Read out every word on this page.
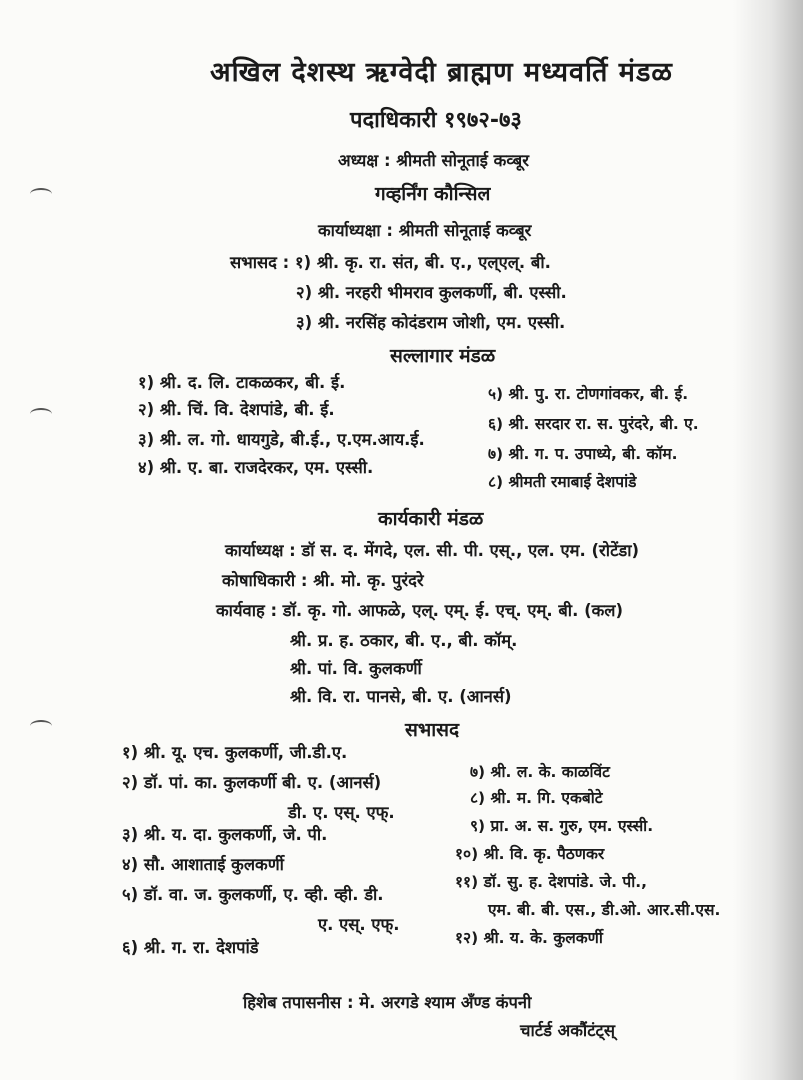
अखिल देशस्थ ऋग्वेदी ब्राह्मण मध्यवर्ति मंडळ
पदाधिकारी १९७२-७३
अध्यक्ष : श्रीमती सोनूताई कव्बूर
गव्हर्निंग कौन्सिल
कार्याध्यक्षा : श्रीमती सोनूताई कव्बूर
सभासद : १) श्री. कृ. रा. संत, बी. ए., एल्एल्. बी.
२) श्री. नरहरी भीमराव कुलकर्णी, बी. एस्सी.
३) श्री. नरसिंह कोदंडराम जोशी, एम. एस्सी.
सल्लागार मंडळ
१) श्री. द. लि. टाकळकर, बी. ई.
२) श्री. चिं. वि. देशपांडे, बी. ई.
३) श्री. ल. गो. धायगुडे, बी.ई., ए.एम.आय.ई.
४) श्री. ए. बा. राजदेरकर, एम. एस्सी.
५) श्री. पु. रा. टोणगांवकर, बी. ई.
६) श्री. सरदार रा. स. पुरंदरे, बी. ए.
७) श्री. ग. प. उपाध्ये, बी. कॉम.
८) श्रीमती रमाबाई देशपांडे
कार्यकारी मंडळ
कार्याध्यक्ष : डॉ स. द. मेंगदे, एल. सी. पी. एस्., एल. एम. (रोटेंडा)
कोषाधिकारी : श्री. मो. कृ. पुरंदरे
कार्यवाह : डॉ. कृ. गो. आफळे, एल्. एम्. ई. एच्. एम्. बी. (कल)
श्री. प्र. ह. ठकार, बी. ए., बी. कॉम्.
श्री. पां. वि. कुलकर्णी
श्री. वि. रा. पानसे, बी. ए. (आनर्स)
सभासद
१) श्री. यू. एच. कुलकर्णी, जी.डी.ए.
२) डॉ. पां. का. कुलकर्णी बी. ए. (आनर्स)
डी. ए. एस्. एफ्.
३) श्री. य. दा. कुलकर्णी, जे. पी.
४) सौ. आशाताई कुलकर्णी
५) डॉ. वा. ज. कुलकर्णी, ए. व्ही. व्ही. डी.
ए. एस्. एफ्.
६) श्री. ग. रा. देशपांडे
७) श्री. ल. के. काळविंट
८) श्री. म. गि. एकबोटे
९) प्रा. अ. स. गुरु, एम. एस्सी.
१०) श्री. वि. कृ. पैठणकर
११) डॉ. सु. ह. देशपांडे. जे. पी.,
एम. बी. बी. एस., डी.ओ. आर.सी.एस.
१२) श्री. य. के. कुलकर्णी
हिशेब तपासनीस : मे. अरगडे श्याम अँण्ड कंपनी
चार्टर्ड अकौंटंट्स्
